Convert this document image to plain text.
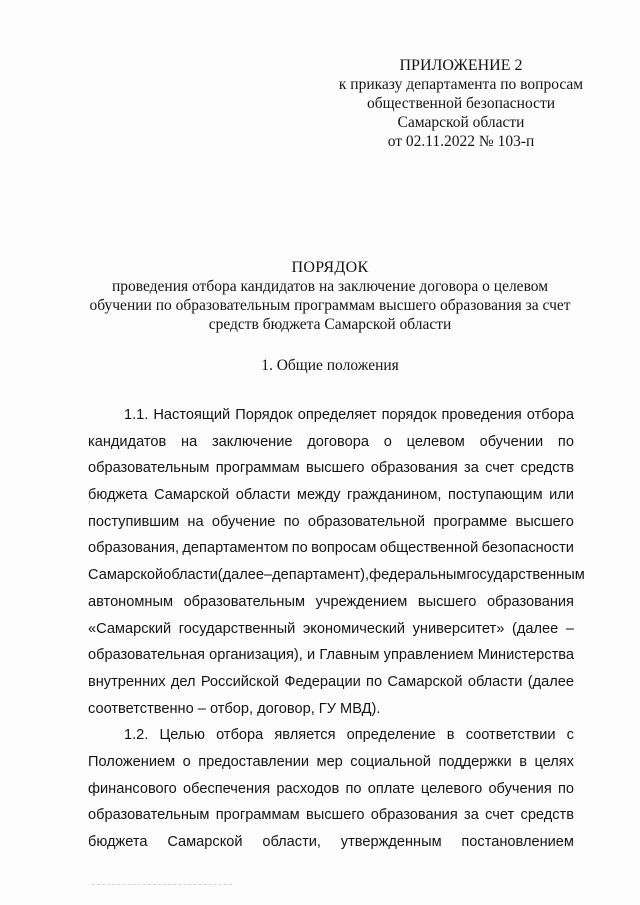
ПРИЛОЖЕНИЕ 2
к приказу департамента по вопросам
общественной безопасности
Самарской области
от 02.11.2022 № 103-п
ПОРЯДОК
проведения отбора кандидатов на заключение договора о целевом
обучении по образовательным программам высшего образования за счет
средств бюджета Самарской области
1. Общие положения
1.1. Настоящий Порядок определяет порядок проведения отбора
кандидатов на заключение договора о целевом обучении по
образовательным программам высшего образования за счет средств
бюджета Самарской области между гражданином, поступающим или
поступившим на обучение по образовательной программе высшего
образования, департаментом по вопросам общественной безопасности
Самарской области (далее – департамент), федеральным государственным
автономным образовательным учреждением высшего образования
«Самарский государственный экономический университет» (далее –
образовательная организация), и Главным управлением Министерства
внутренних дел Российской Федерации по Самарской области (далее
соответственно – отбор, договор, ГУ МВД).
1.2. Целью отбора является определение в соответствии с
Положением о предоставлении мер социальной поддержки в целях
финансового обеспечения расходов по оплате целевого обучения по
образовательным программам высшего образования за счет средств
бюджета Самарской области, утвержденным постановлением
